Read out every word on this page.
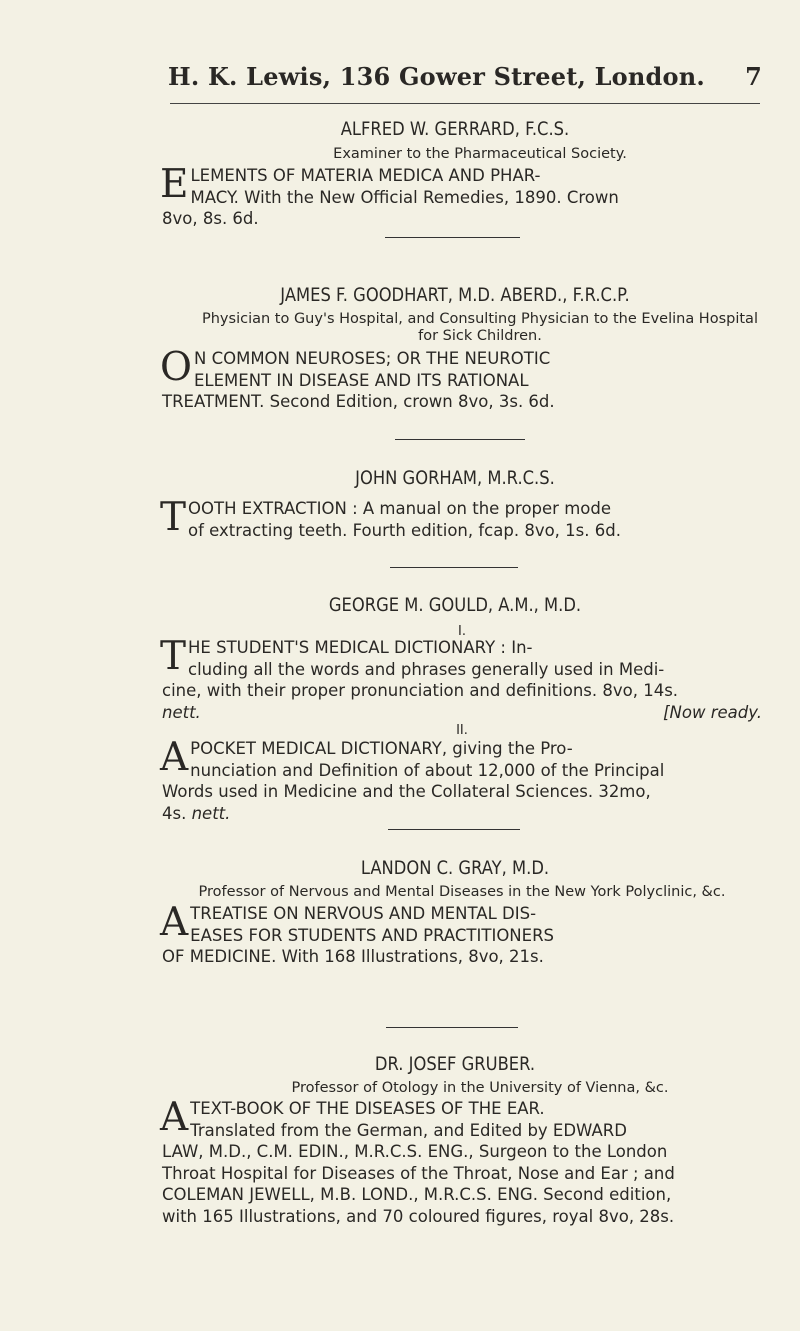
H. K. Lewis, 136 Gower Street, London. 7
ALFRED W. GERRARD, F.C.S.
Examiner to the Pharmaceutical Society.
E LEMENTS OF MATERIA MEDICA AND PHAR-

MACY. With the New Official Remedies, 1890. Crown

8vo, 8s. 6d.

JAMES F. GOODHART, M.D. ABERD., F.R.C.P.
Physician to Guy's Hospital, and Consulting Physician to the Evelina Hospital for Sick Children.
O N COMMON NEUROSES; OR THE NEUROTIC

ELEMENT IN DISEASE AND ITS RATIONAL

TREATMENT. Second Edition, crown 8vo, 3s. 6d.

JOHN GORHAM, M.R.C.S.
T OOTH EXTRACTION : A manual on the proper mode

of extracting teeth. Fourth edition, fcap. 8vo, 1s. 6d.

GEORGE M. GOULD, A.M., M.D.
I.
T HE STUDENT'S MEDICAL DICTIONARY : In-

cluding all the words and phrases generally used in Medi-

cine, with their proper pronunciation and definitions. 8vo, 14s.

nett.	[Now ready.

II.
A POCKET MEDICAL DICTIONARY, giving the Pro-

nunciation and Definition of about 12,000 of the Principal

Words used in Medicine and the Collateral Sciences. 32mo,

4s. nett.

LANDON C. GRAY, M.D.
Professor of Nervous and Mental Diseases in the New York Polyclinic, &c.
A TREATISE ON NERVOUS AND MENTAL DIS-

EASES FOR STUDENTS AND PRACTITIONERS

OF MEDICINE. With 168 Illustrations, 8vo, 21s.

DR. JOSEF GRUBER.
Professor of Otology in the University of Vienna, &c.
A TEXT-BOOK OF THE DISEASES OF THE EAR.

Translated from the German, and Edited by EDWARD

LAW, M.D., C.M. EDIN., M.R.C.S. ENG., Surgeon to the London

Throat Hospital for Diseases of the Throat, Nose and Ear ; and

COLEMAN JEWELL, M.B. LOND., M.R.C.S. ENG. Second edition,

with 165 Illustrations, and 70 coloured figures, royal 8vo, 28s.
